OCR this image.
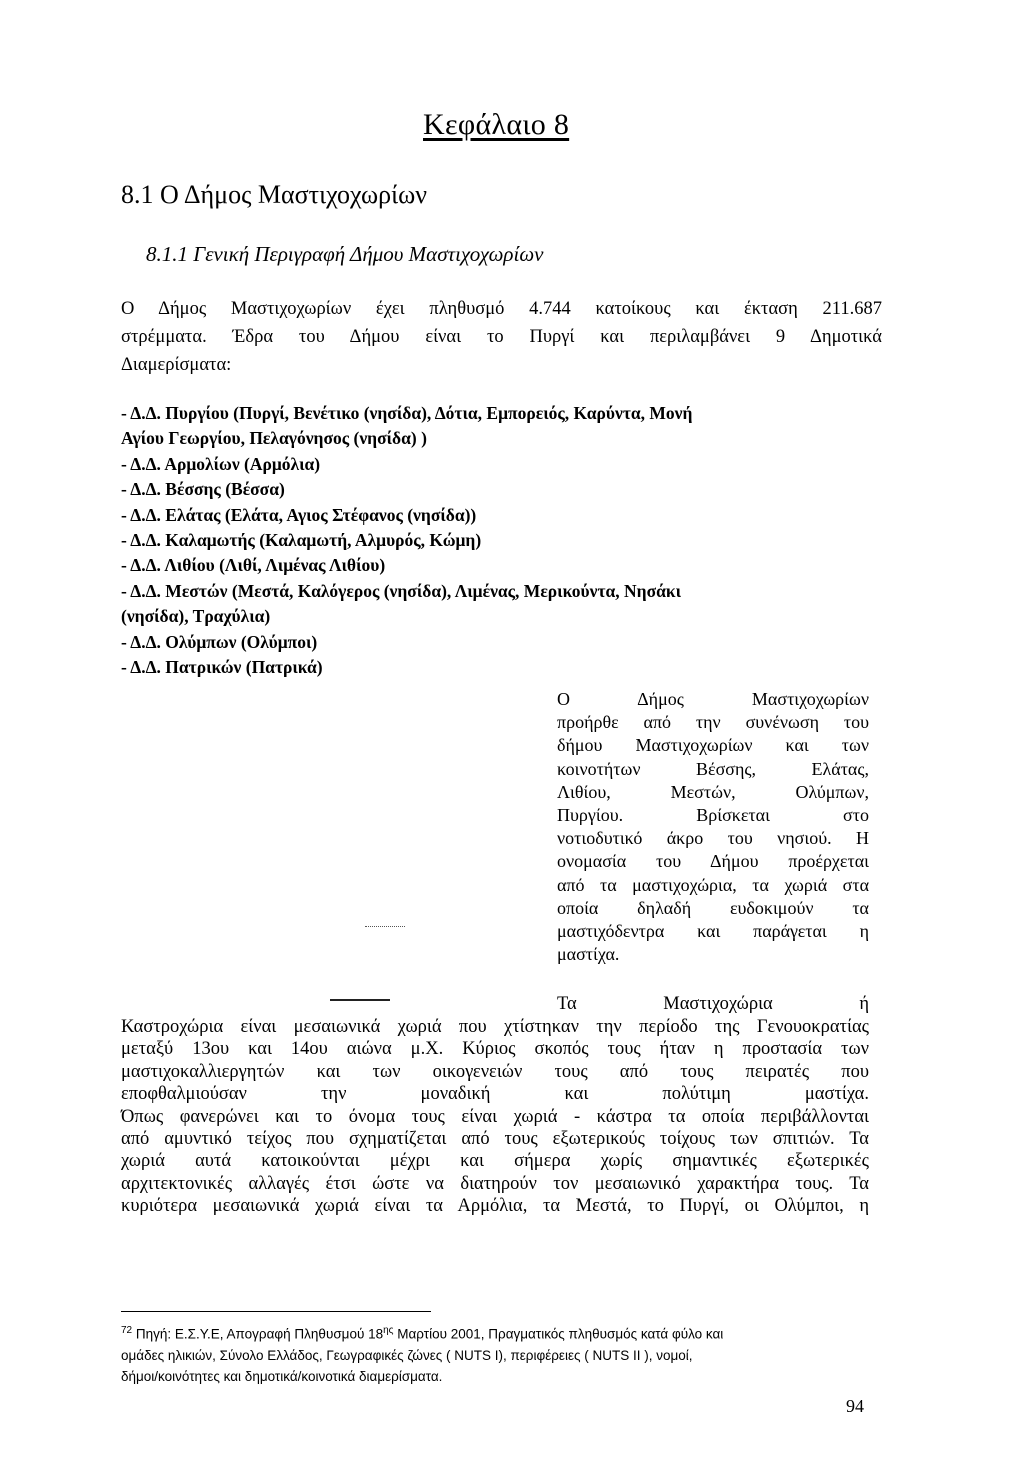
Κεφάλαιο 8
8.1 Ο Δήμος Μαστιχοχωρίων
8.1.1 Γενική Περιγραφή Δήμου Μαστιχοχωρίων
Ο Δήμος Μαστιχοχωρίων έχει πληθυσμό 4.744 κατοίκους και έκταση 211.687
στρέμματα. Έδρα του Δήμου είναι το Πυργί και περιλαμβάνει 9 Δημοτικά
Διαμερίσματα:
- Δ.Δ. Πυργίου (Πυργί, Βενέτικο (νησίδα), Δότια, Εμπορειός, Καρύντα, Μονή
Αγίου Γεωργίου, Πελαγόνησος (νησίδα) )
- Δ.Δ. Αρμολίων (Αρμόλια)
- Δ.Δ. Βέσσης (Βέσσα)
- Δ.Δ. Ελάτας (Ελάτα, Αγιος Στέφανος (νησίδα))
- Δ.Δ. Καλαμωτής (Καλαμωτή, Αλμυρός, Κώμη)
- Δ.Δ. Λιθίου (Λιθί, Λιμένας Λιθίου)
- Δ.Δ. Μεστών (Μεστά, Καλόγερος (νησίδα), Λιμένας, Μερικούντα, Νησάκι
(νησίδα), Τραχύλια)
- Δ.Δ. Ολύμπων (Ολύμποι)
- Δ.Δ. Πατρικών (Πατρικά)
Ο Δήμος Μαστιχοχωρίων
προήρθε από την συνένωση του
δήμου Μαστιχοχωρίων και των
κοινοτήτων Βέσσης, Ελάτας,
Λιθίου, Μεστών, Ολύμπων,
Πυργίου. Βρίσκεται στο
νοτιοδυτικό άκρο του νησιού. Η
ονομασία του Δήμου προέρχεται
από τα μαστιχοχώρια, τα χωριά στα
οποία δηλαδή ευδοκιμούν τα
μαστιχόδεντρα και παράγεται η
μαστίχα.
Τα Μαστιχοχώρια ή
Καστροχώρια είναι μεσαιωνικά χωριά που χτίστηκαν την περίοδο της Γενουοκρατίας
μεταξύ 13ου και 14ου αιώνα μ.Χ. Κύριος σκοπός τους ήταν η προστασία των
μαστιχοκαλλιεργητών και των οικογενειών τους από τους πειρατές που
εποφθαλμιούσαν την μοναδική και πολύτιμη μαστίχα.
Όπως φανερώνει και το όνομα τους είναι χωριά - κάστρα τα οποία περιβάλλονται
από αμυντικό τείχος που σχηματίζεται από τους εξωτερικούς τοίχους των σπιτιών. Τα
χωριά αυτά κατοικούνται μέχρι και σήμερα χωρίς σημαντικές εξωτερικές
αρχιτεκτονικές αλλαγές έτσι ώστε να διατηρούν τον μεσαιωνικό χαρακτήρα τους. Τα
κυριότερα μεσαιωνικά χωριά είναι τα Αρμόλια, τα Μεστά, το Πυργί, οι Ολύμποι, η
$^{72}$ Πηγή: Ε.Σ.Υ.Ε, Απογραφή Πληθυσμού 18$^{\eta\varsigma}$ Μαρτίου 2001, Πραγματικός πληθυσμός κατά φύλο και
ομάδες ηλικιών, Σύνολο Ελλάδος, Γεωγραφικές ζώνες ( NUTS I), περιφέρειες ( NUTS II ), νομοί,
δήμοι/κοινότητες και δημοτικά/κοινοτικά διαμερίσματα.
94
